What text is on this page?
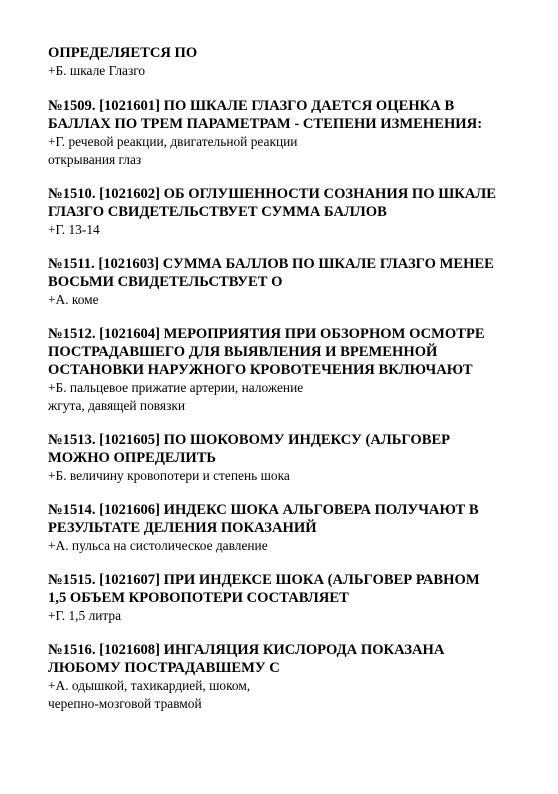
ОПРЕДЕЛЯЕТСЯ ПО
+Б. шкале Глазго
№1509. [1021601] ПО ШКАЛЕ ГЛАЗГО ДАЕТСЯ ОЦЕНКА В
БАЛЛАХ ПО ТРЕМ ПАРАМЕТРАМ - СТЕПЕНИ ИЗМЕНЕНИЯ:
+Г. речевой реакции, двигательной реакции
открывания глаз
№1510. [1021602] ОБ ОГЛУШЕННОСТИ СОЗНАНИЯ ПО ШКАЛЕ
ГЛАЗГО СВИДЕТЕЛЬСТВУЕТ СУММА БАЛЛОВ
+Г. 13-14
№1511. [1021603] СУММА БАЛЛОВ ПО ШКАЛЕ ГЛАЗГО МЕНЕЕ
ВОСЬМИ СВИДЕТЕЛЬСТВУЕТ О
+А. коме
№1512. [1021604] МЕРОПРИЯТИЯ ПРИ ОБЗОРНОМ ОСМОТРЕ
ПОСТРАДАВШЕГО ДЛЯ ВЫЯВЛЕНИЯ И ВРЕМЕННОЙ
ОСТАНОВКИ НАРУЖНОГО КРОВОТЕЧЕНИЯ ВКЛЮЧАЮТ
+Б. пальцевое прижатие артерии, наложение
жгута, давящей повязки
№1513. [1021605] ПО ШОКОВОМУ ИНДЕКСУ (АЛЬГОВЕР
МОЖНО ОПРЕДЕЛИТЬ
+Б. величину кровопотери и степень шока
№1514. [1021606] ИНДЕКС ШОКА АЛЬГОВЕРА ПОЛУЧАЮТ В
РЕЗУЛЬТАТЕ ДЕЛЕНИЯ ПОКАЗАНИЙ
+А. пульса на систолическое давление
№1515. [1021607] ПРИ ИНДЕКСЕ ШОКА (АЛЬГОВЕР РАВНОМ
1,5 ОБЪЕМ КРОВОПОТЕРИ СОСТАВЛЯЕТ
+Г. 1,5 литра
№1516. [1021608] ИНГАЛЯЦИЯ КИСЛОРОДА ПОКАЗАНА
ЛЮБОМУ ПОСТРАДАВШЕМУ С
+А. одышкой, тахикардией, шоком,
черепно-мозговой травмой
